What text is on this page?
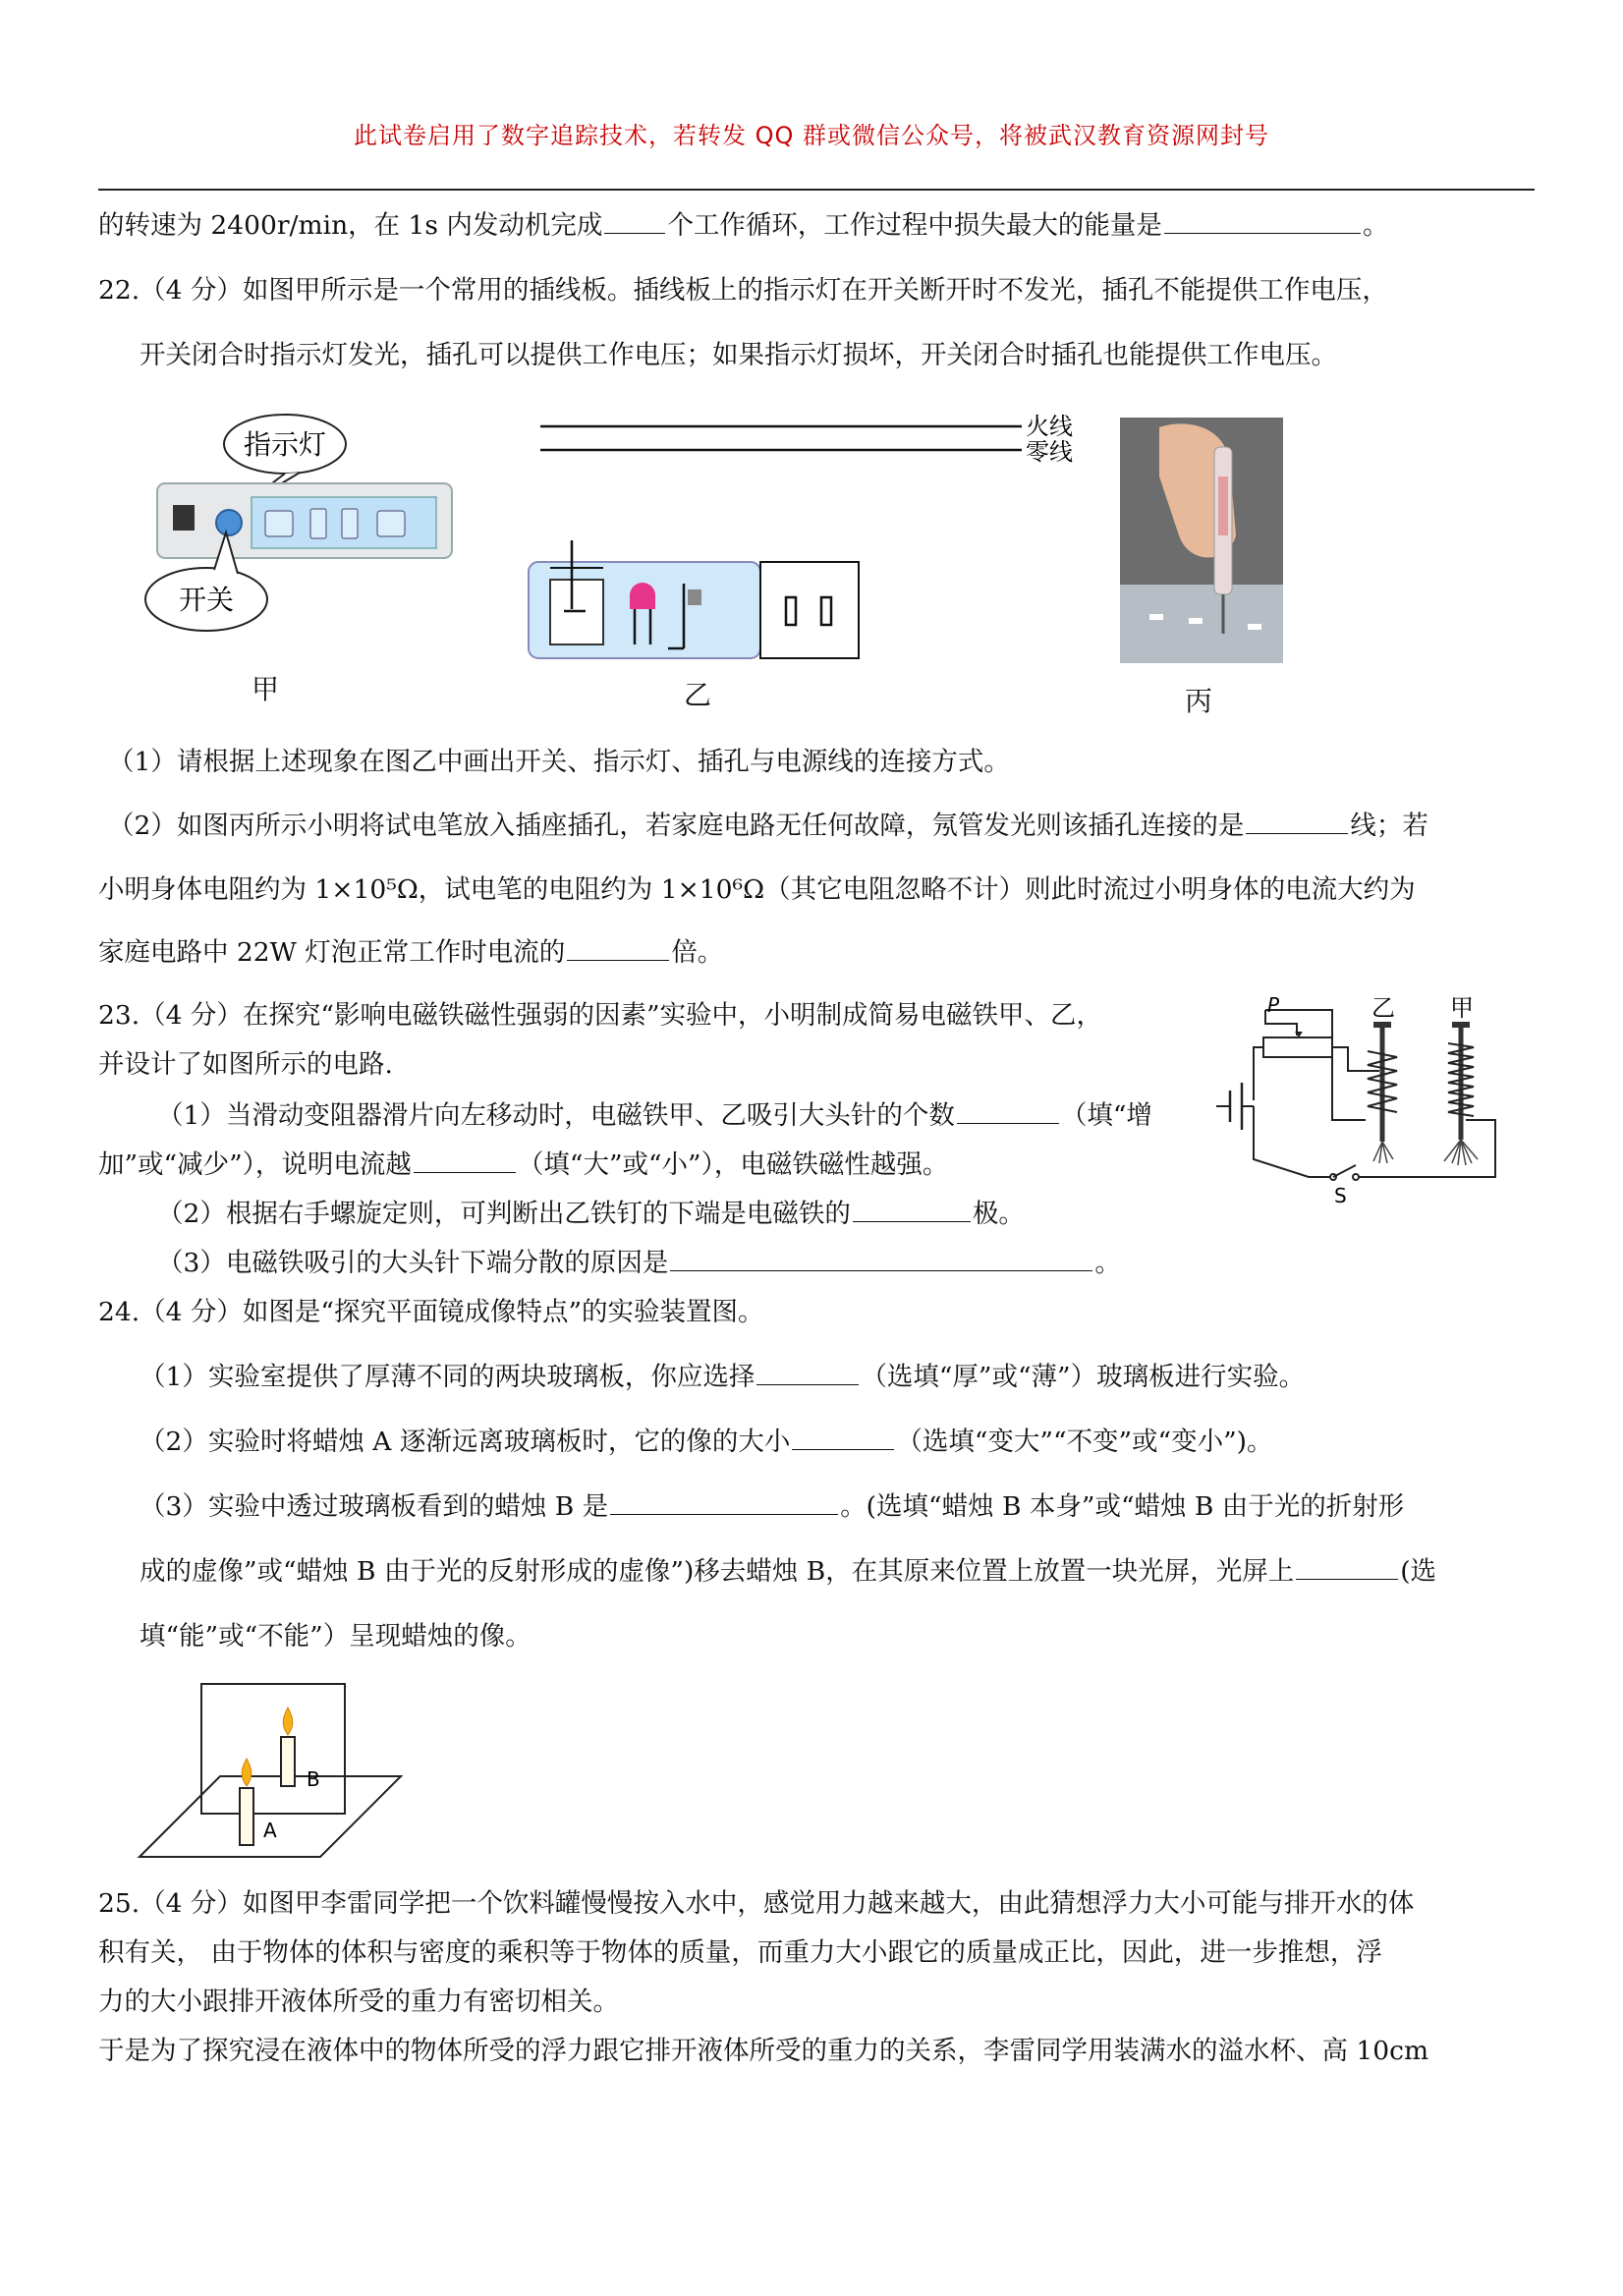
此试卷启用了数字追踪技术，若转发 QQ 群或微信公众号，将被武汉教育资源网封号
的转速为 2400r/min，在 1s 内发动机完成 个工作循环，工作过程中损失最大的能量是	。
22.（4 分）如图甲所示是一个常用的插线板。插线板上的指示灯在开关断开时不发光，插孔不能提供工作电压，
开关闭合时指示灯发光，插孔可以提供工作电压；如果指示灯损坏，开关闭合时插孔也能提供工作电压。
指示灯
开关
甲
火线
零线
乙	丙
（1）请根据上述现象在图乙中画出开关、指示灯、插孔与电源线的连接方式。
（2）如图丙所示小明将试电笔放入插座插孔，若家庭电路无任何故障，氖管发光则该插孔连接的是	线；若
小明身体电阻约为 1×10⁵Ω，试电笔的电阻约为 1×10⁶Ω（其它电阻忽略不计）则此时流过小明身体的电流大约为
家庭电路中 22W 灯泡正常工作时电流的	倍。
23.（4 分）在探究“影响电磁铁磁性强弱的因素”实验中，小明制成简易电磁铁甲、乙，
并设计了如图所示的电路.
（1）当滑动变阻器滑片向左移动时，电磁铁甲、乙吸引大头针的个数	（填“增
加”或“减少”），说明电流越	（填“大”或“小”），电磁铁磁性越强。
（2）根据右手螺旋定则，可判断出乙铁钉的下端是电磁铁的	极。
（3）电磁铁吸引的大头针下端分散的原因是	。
P
S
乙 甲
24.（4 分）如图是“探究平面镜成像特点”的实验装置图。
（1）实验室提供了厚薄不同的两块玻璃板，你应选择	（选填“厚”或“薄”）玻璃板进行实验。
（2）实验时将蜡烛 A 逐渐远离玻璃板时，它的像的大小	（选填“变大”“不变”或“变小”)。
（3）实验中透过玻璃板看到的蜡烛 B 是	。(选填“蜡烛 B 本身”或“蜡烛 B 由于光的折射形
成的虚像”或“蜡烛 B 由于光的反射形成的虚像”)移去蜡烛 B，在其原来位置上放置一块光屏，光屏上	(选
填“能”或“不能”）呈现蜡烛的像。
B
A
25.（4 分）如图甲李雷同学把一个饮料罐慢慢按入水中，感觉用力越来越大，由此猜想浮力大小可能与排开水的体
积有关， 由于物体的体积与密度的乘积等于物体的质量，而重力大小跟它的质量成正比，因此，进一步推想，浮
力的大小跟排开液体所受的重力有密切相关。
于是为了探究浸在液体中的物体所受的浮力跟它排开液体所受的重力的关系，李雷同学用装满水的溢水杯、高 10cm
